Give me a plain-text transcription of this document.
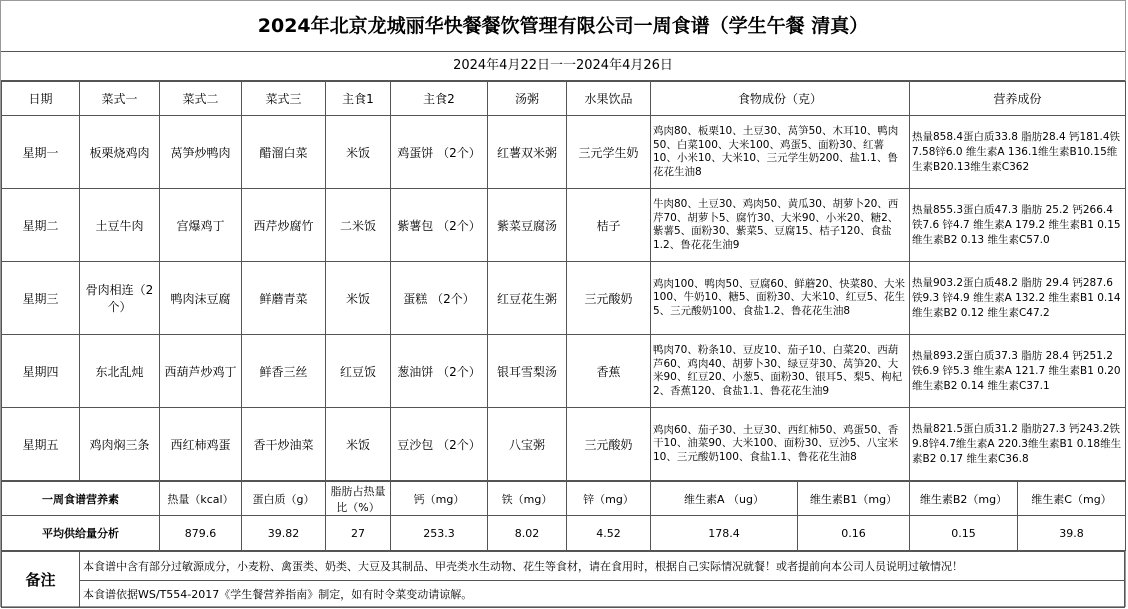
2024年北京龙城丽华快餐餐饮管理有限公司一周食谱（学生午餐 清真）
2024年4月22日一一2024年4月26日
日期	菜式一	菜式二	菜式三	主食1	主食2	汤粥	水果饮品	食物成份（克）	营养成份
星期一	板栗烧鸡肉	莴笋炒鸭肉	醋溜白菜	米饭	鸡蛋饼 （2个）	红薯双米粥	三元学生奶	鸡肉80、板栗10、土豆30、莴笋50、木耳10、鸭肉50、白菜100、大米100、鸡蛋5、面粉30、红薯10、小米10、大米10、三元学生奶200、盐1.1、鲁花花生油8	热量858.4蛋白质33.8 脂肪28.4 钙181.4铁7.58锌6.0 维生素A 136.1维生素B10.15维生素B20.13维生素C362
星期二	土豆牛肉	宫爆鸡丁	西芹炒腐竹	二米饭	紫薯包 （2个）	紫菜豆腐汤	桔子	牛肉80、土豆30、鸡肉50、黄瓜30、胡萝卜20、西芹70、胡萝卜5、腐竹30、大米90、小米20、糖2、紫薯5、面粉30、紫菜5、豆腐15、桔子120、食盐1.2、鲁花花生油9	热量855.3蛋白质47.3 脂肪 25.2 钙266.4 铁7.6 锌4.7 维生素A 179.2 维生素B1 0.15 维生素B2 0.13 维生素C57.0
星期三	骨肉相连（2个）	鸭肉沫豆腐	鲜蘑青菜	米饭	蛋糕 （2个）	红豆花生粥	三元酸奶	鸡肉100、鸭肉50、豆腐60、鲜蘑20、快菜80、大米100、牛奶10、糖5、面粉30、大米10、红豆5、花生5、三元酸奶100、食盐1.2、鲁花花生油8	热量903.2蛋白质48.2 脂肪 29.4 钙287.6 铁9.3 锌4.9 维生素A 132.2 维生素B1 0.14 维生素B2 0.12 维生素C47.2
星期四	东北乱炖	西葫芦炒鸡丁	鲜香三丝	红豆饭	葱油饼 （2个）	银耳雪梨汤	香蕉	鸭肉70、粉条10、豆皮10、茄子10、白菜20、西葫芦60、鸡肉40、胡萝卜30、绿豆芽30、莴笋20、大米90、红豆20、小葱5、面粉30、银耳5、梨5、枸杞2、香蕉120、食盐1.1、鲁花花生油9	热量893.2蛋白质37.3 脂肪 28.4 钙251.2 铁6.9 锌5.3 维生素A 121.7 维生素B1 0.20 维生素B2 0.14 维生素C37.1
星期五	鸡肉焖三条	西红柿鸡蛋	香干炒油菜	米饭	豆沙包 （2个）	八宝粥	三元酸奶	鸡肉60、茄子30、土豆30、西红柿50、鸡蛋50、香干10、油菜90、大米100、面粉30、豆沙5、八宝米10、三元酸奶100、食盐1.1、鲁花花生油8	热量821.5蛋白质31.2 脂肪27.3 钙243.2铁9.8锌4.7维生素A 220.3维生素B1 0.18维生素B2 0.17 维生素C36.8
一周食谱营养素	热量（kcal）	蛋白质（g）	脂肪占热量比（%）	钙（mg）	铁（mg）	锌（mg）	维生素A （ug）	维生素B1（mg）	维生素B2（mg）	维生素C（mg）
平均供给量分析	879.6	39.82	27	253.3	8.02	4.52	178.4	0.16	0.15	39.8
备注	本食谱中含有部分过敏源成分，小麦粉、禽蛋类、奶类、大豆及其制品、甲壳类水生动物、花生等食材，请在食用时，根据自己实际情况就餐！或者提前向本公司人员说明过敏情况！
本食谱依据WS/T554-2017《学生餐营养指南》制定，如有时令菜变动请谅解。
